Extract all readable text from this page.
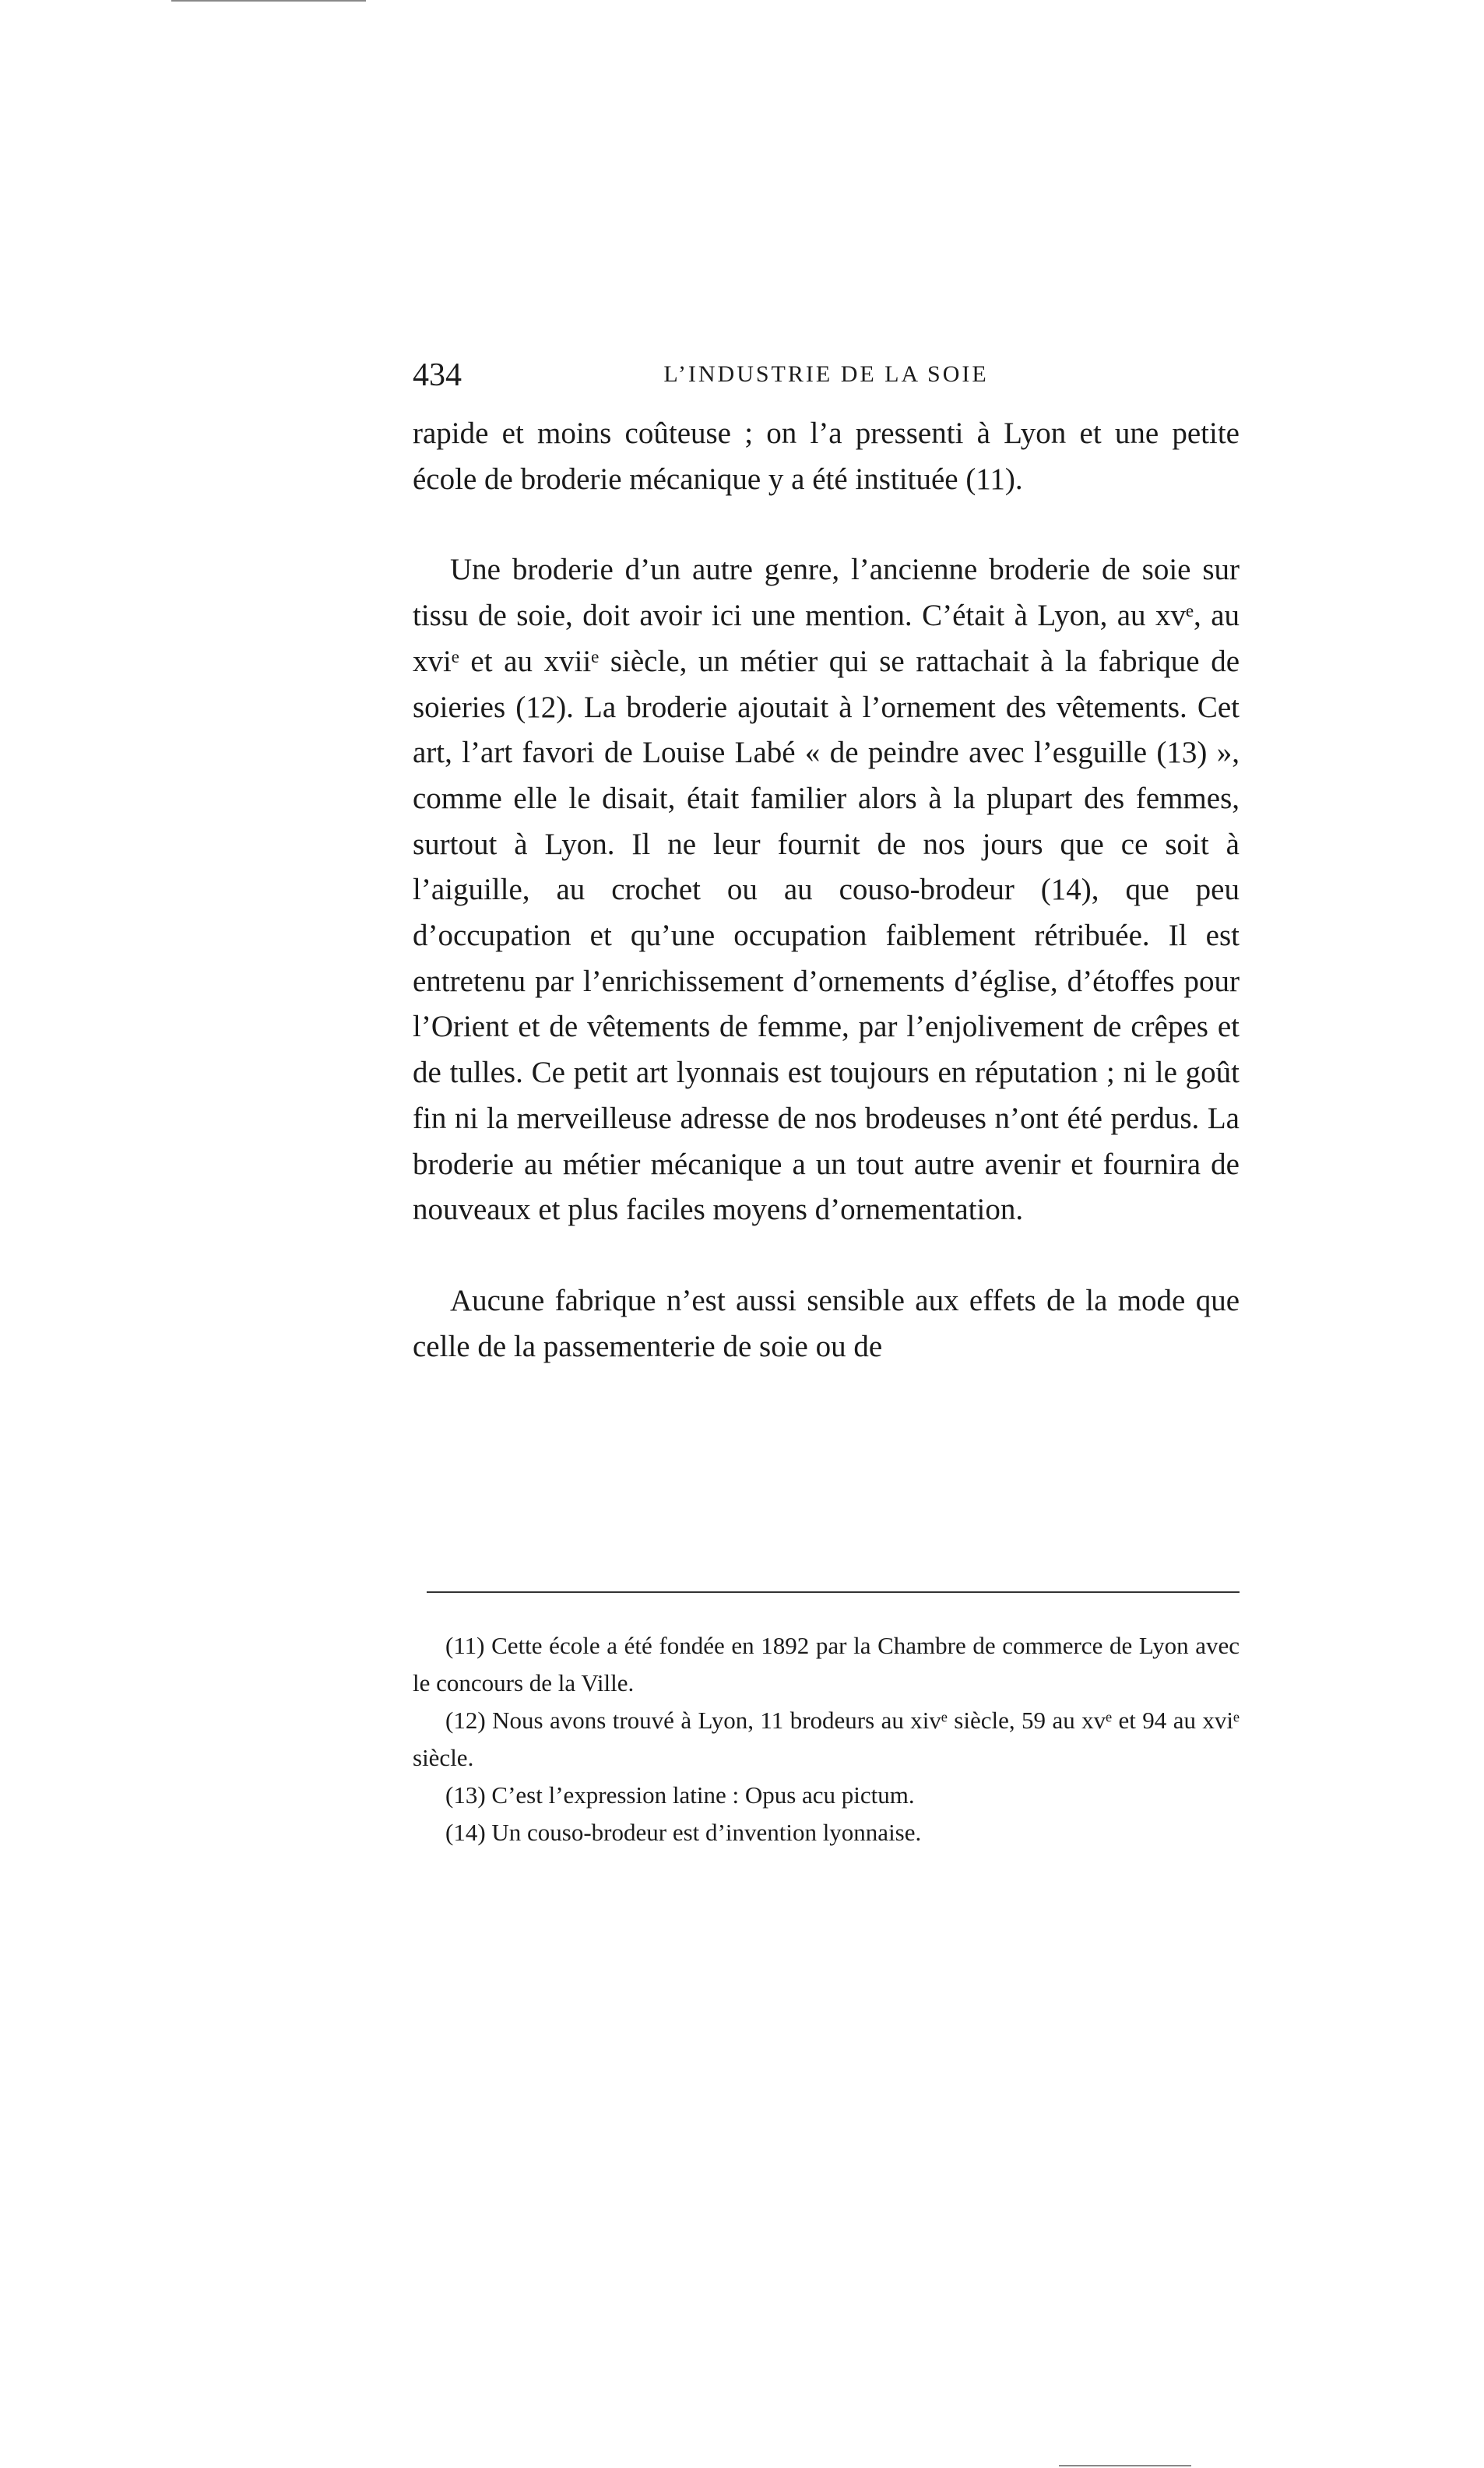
434	L’INDUSTRIE DE LA SOIE

rapide et moins coûteuse ; on l’a pressenti à Lyon et une petite école de broderie mécanique y a été instituée (11).

Une broderie d’un autre genre, l’ancienne broderie de soie sur tissu de soie, doit avoir ici une mention. C’était à Lyon, au xvᵉ, au xviᵉ et au xviiᵉ siècle, un métier qui se rattachait à la fabrique de soieries (12). La broderie ajoutait à l’ornement des vêtements. Cet art, l’art favori de Louise Labé « de peindre avec l’esguille (13) », comme elle le disait, était familier alors à la plupart des femmes, surtout à Lyon. Il ne leur fournit de nos jours que ce soit à l’aiguille, au crochet ou au couso-brodeur (14), que peu d’occupation et qu’une occupation faiblement rétribuée. Il est entretenu par l’enrichissement d’ornements d’église, d’étoffes pour l’Orient et de vêtements de femme, par l’enjolivement de crêpes et de tulles. Ce petit art lyonnais est toujours en réputation ; ni le goût fin ni la merveilleuse adresse de nos brodeuses n’ont été perdus. La broderie au métier mécanique a un tout autre avenir et fournira de nouveaux et plus faciles moyens d’ornementation.

Aucune fabrique n’est aussi sensible aux effets de la mode que celle de la passementerie de soie ou de

(11) Cette école a été fondée en 1892 par la Chambre de commerce de Lyon avec le concours de la Ville.

(12) Nous avons trouvé à Lyon, 11 brodeurs au xivᵉ siècle, 59 au xvᵉ et 94 au xviᵉ siècle.

(13) C’est l’expression latine : Opus acu pictum.

(14) Un couso-brodeur est d’invention lyonnaise.
